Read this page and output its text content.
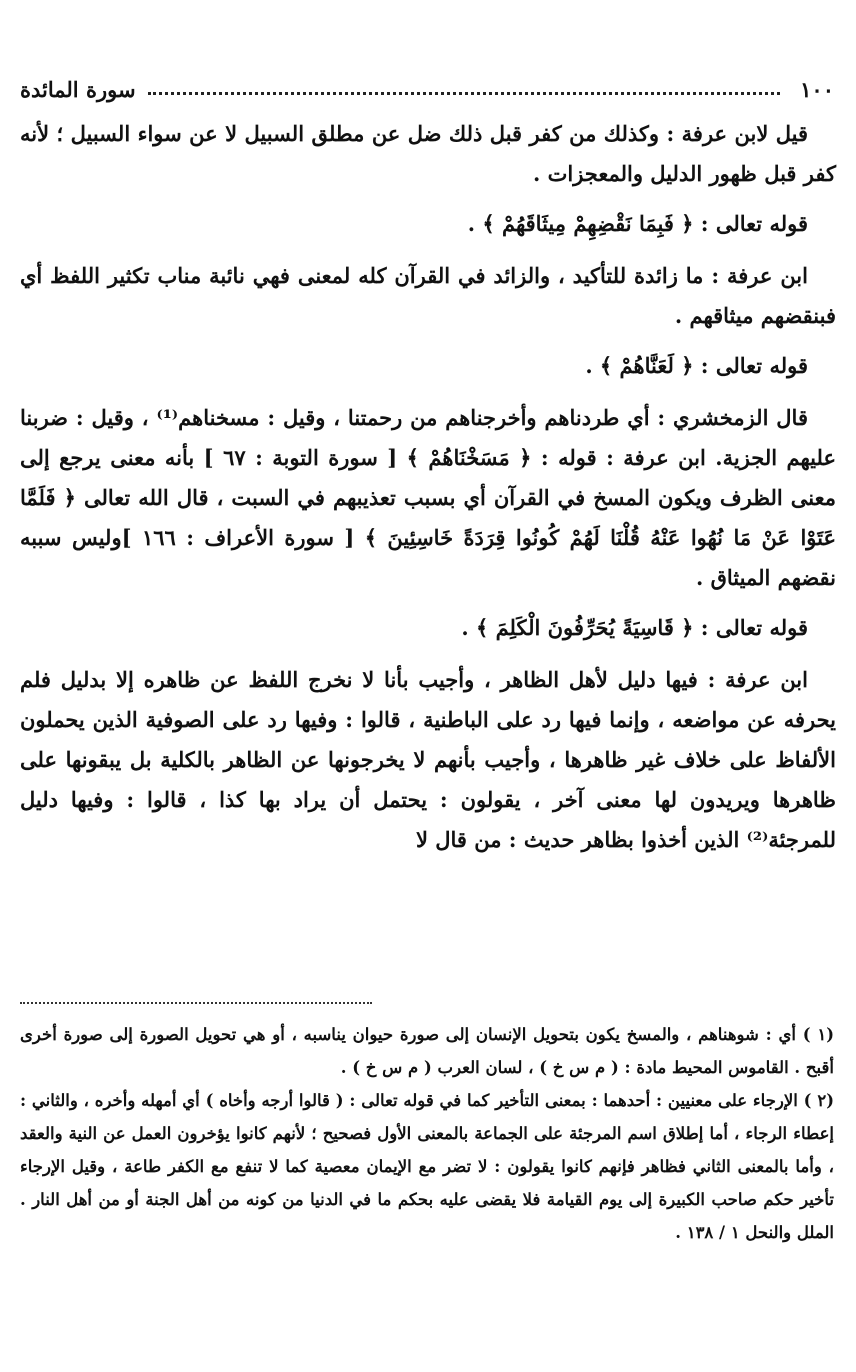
١٠٠
سورة المائدة

قيل لابن عرفة : وكذلك من كفر قبل ذلك ضل عن مطلق السبيل لا عن سواء السبيل ؛ لأنه كفر قبل ظهور الدليل والمعجزات .

قوله تعالى : ﴿ فَبِمَا نَقْضِهِمْ مِيثَاقَهُمْ ﴾ .

ابن عرفة : ما زائدة للتأكيد ، والزائد في القرآن كله لمعنى فهي نائبة مناب تكثير اللفظ أي فبنقضهم ميثاقهم .

قوله تعالى : ﴿ لَعَنَّاهُمْ ﴾ .

قال الزمخشري : أي طردناهم وأخرجناهم من رحمتنا ، وقيل : مسخناهم⁽¹⁾ ، وقيل : ضربنا عليهم الجزية. ابن عرفة : قوله : ﴿ مَسَخْنَاهُمْ ﴾ [ سورة التوبة : ٦٧ ] بأنه معنى يرجع إلى معنى الظرف ويكون المسخ في القرآن أي بسبب تعذيبهم في السبت ، قال الله تعالى ﴿ فَلَمَّا عَتَوْا عَنْ مَا نُهُوا عَنْهُ قُلْنَا لَهُمْ كُونُوا قِرَدَةً خَاسِئِينَ ﴾ [ سورة الأعراف : ١٦٦ ]وليس سببه نقضهم الميثاق .

قوله تعالى : ﴿ قَاسِيَةً يُحَرِّفُونَ الْكَلِمَ ﴾ .

ابن عرفة : فيها دليل لأهل الظاهر ، وأجيب بأنا لا نخرج اللفظ عن ظاهره إلا بدليل فلم يحرفه عن مواضعه ، وإنما فيها رد على الباطنية ، قالوا : وفيها رد على الصوفية الذين يحملون الألفاظ على خلاف غير ظاهرها ، وأجيب بأنهم لا يخرجونها عن الظاهر بالكلية بل يبقونها على ظاهرها ويريدون لها معنى آخر ، يقولون : يحتمل أن يراد بها كذا ، قالوا : وفيها دليل للمرجئة⁽²⁾ الذين أخذوا بظاهر حديث : من قال لا

(١ ) أي : شوهناهم ، والمسخ يكون بتحويل الإنسان إلى صورة حيوان يناسبه ، أو هي تحويل الصورة إلى صورة أخرى أقبح . القاموس المحيط مادة : ( م س خ ) ، لسان العرب ( م س خ ) .

(٢ ) الإرجاء على معنيين : أحدهما : بمعنى التأخير كما في قوله تعالى : ( قالوا أرجه وأخاه ) أي أمهله وأخره ، والثاني : إعطاء الرجاء ، أما إطلاق اسم المرجئة على الجماعة بالمعنى الأول فصحيح ؛ لأنهم كانوا يؤخرون العمل عن النية والعقد ، وأما بالمعنى الثاني فظاهر فإنهم كانوا يقولون : لا تضر مع الإيمان معصية كما لا تنفع مع الكفر طاعة ، وقيل الإرجاء تأخير حكم صاحب الكبيرة إلى يوم القيامة فلا يقضى عليه بحكم ما في الدنيا من كونه من أهل الجنة أو من أهل النار . الملل والنحل ١ / ١٣٨ .
